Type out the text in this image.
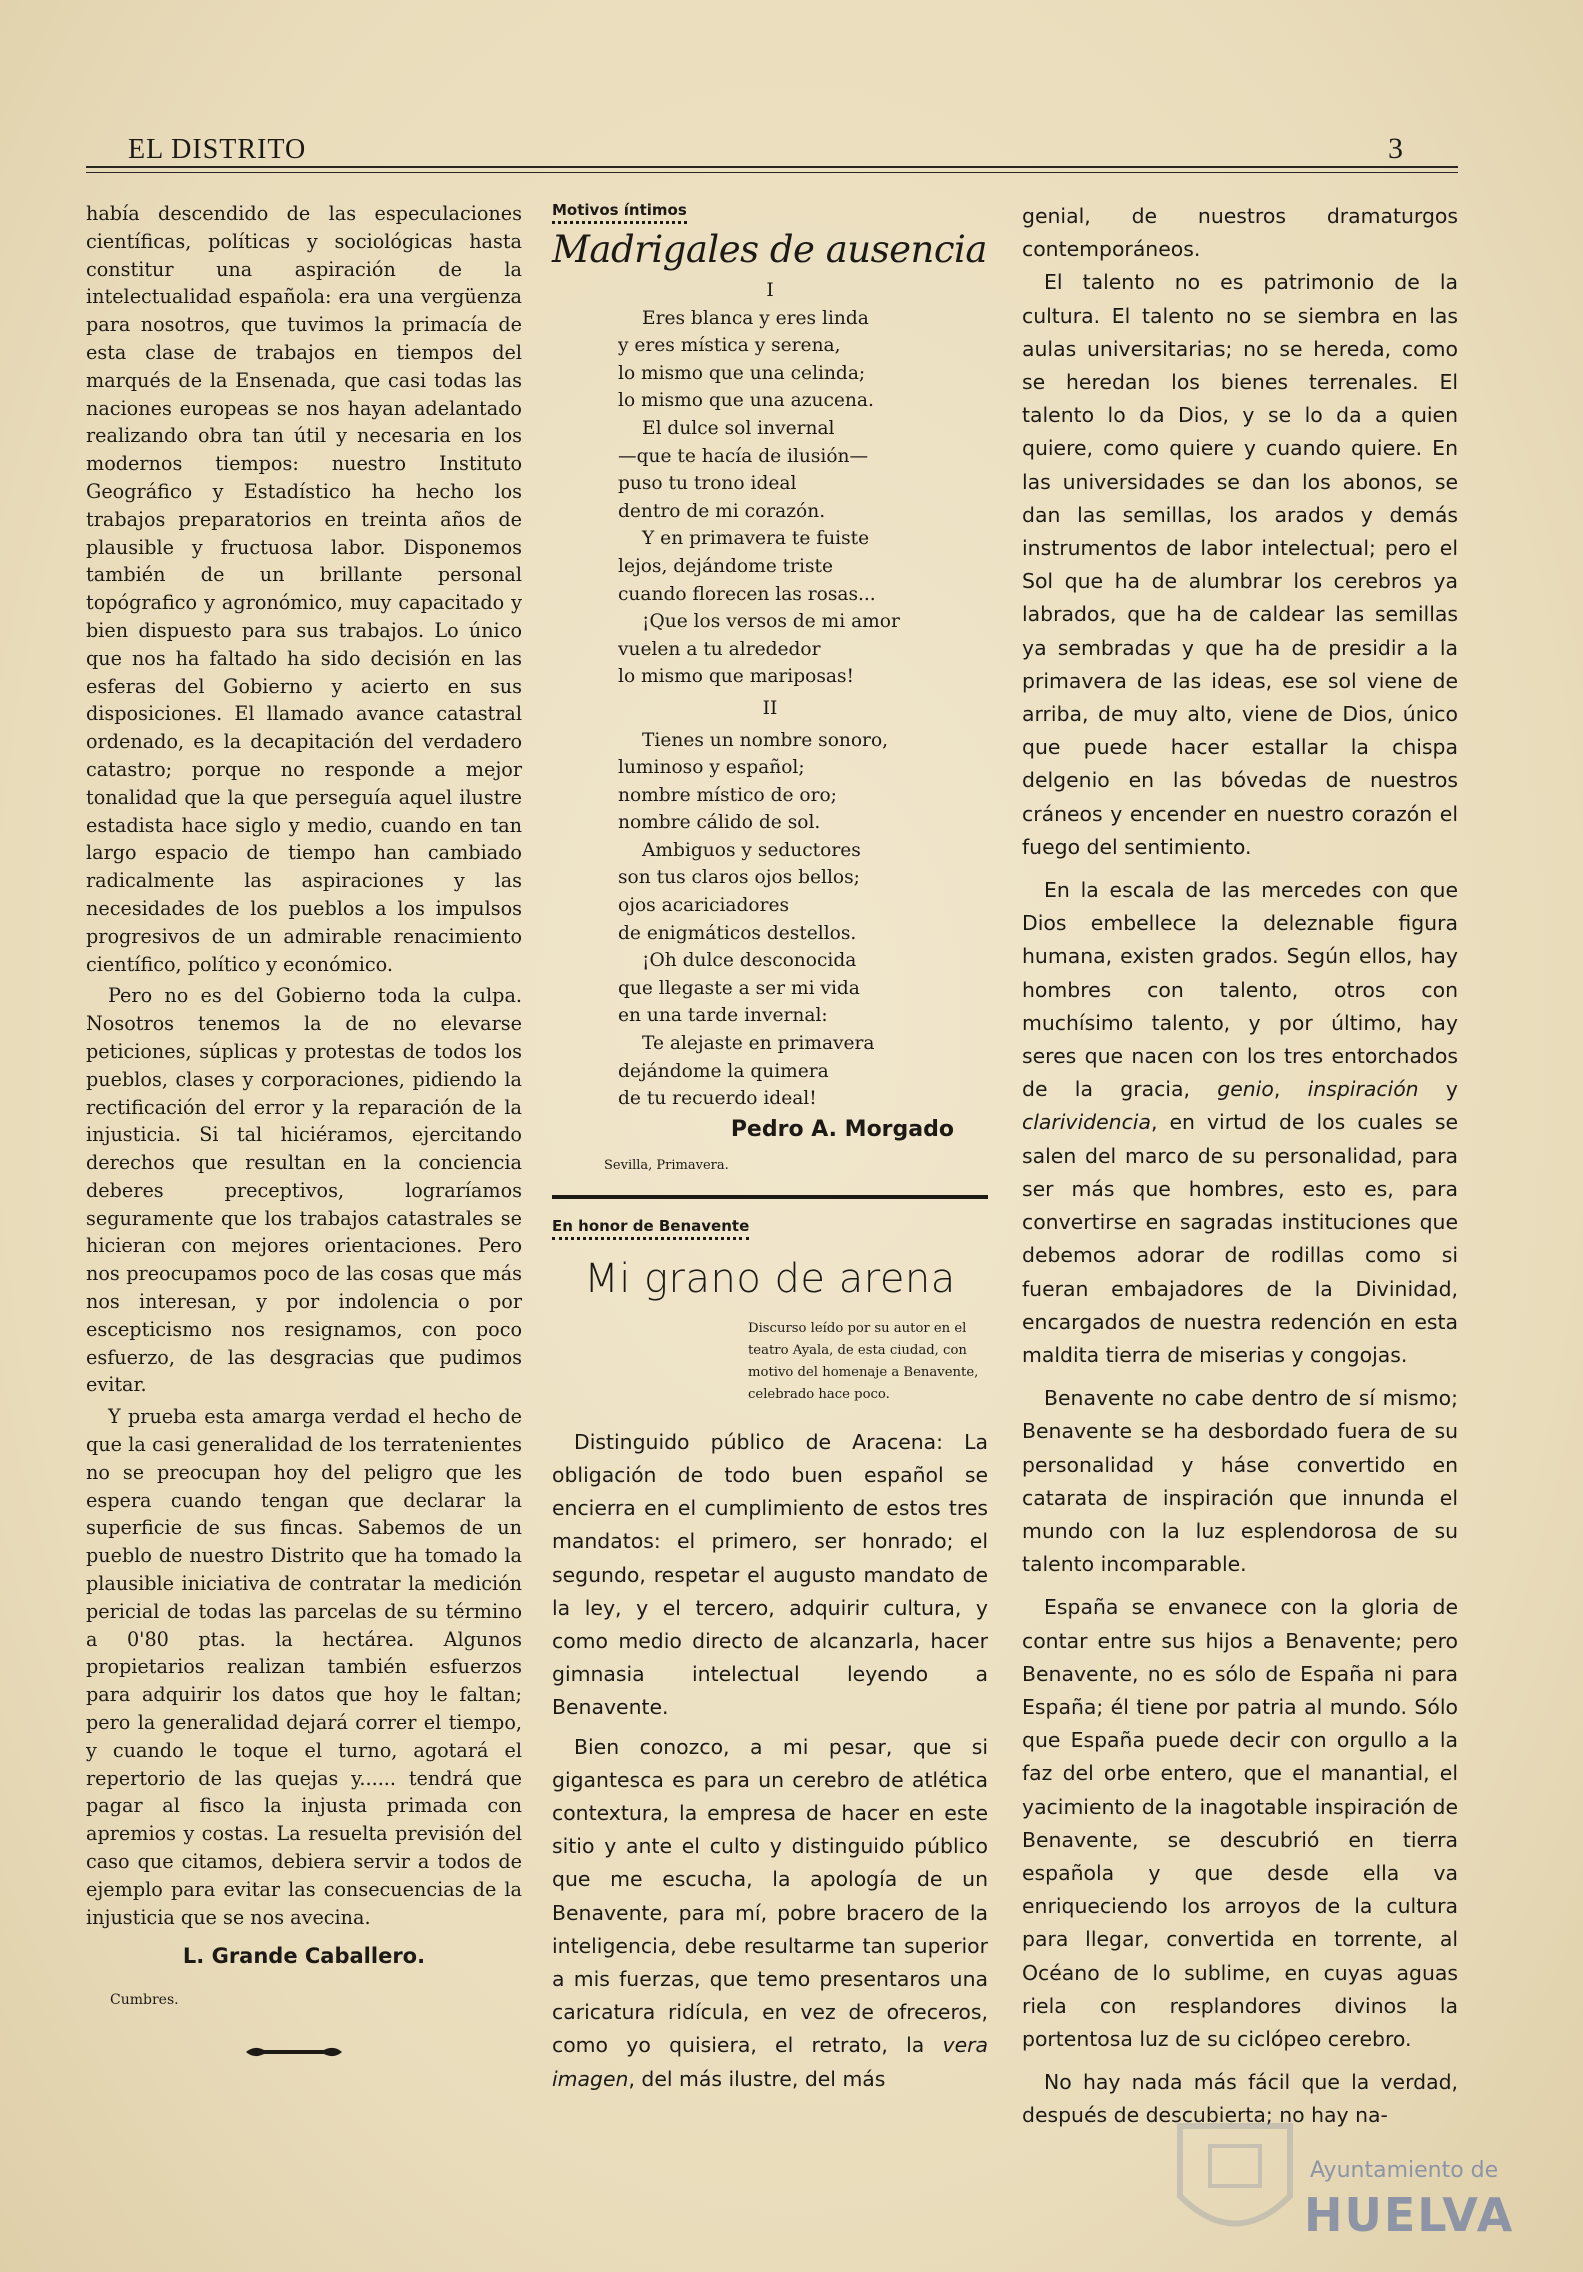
EL DISTRITO	3

había descendido de las especulaciones científicas, políticas y sociológicas hasta constitur una aspiración de la intelectualidad española: era una vergüenza para nosotros, que tuvimos la primacía de esta clase de trabajos en tiempos del marqués de la Ensenada, que casi todas las naciones europeas se nos hayan adelantado realizando obra tan útil y necesaria en los modernos tiempos: nuestro Instituto Geográfico y Estadístico ha hecho los trabajos preparatorios en treinta años de plausible y fructuosa labor. Disponemos también de un brillante personal topógrafico y agronómico, muy capacitado y bien dispuesto para sus trabajos. Lo único que nos ha faltado ha sido decisión en las esferas del Gobierno y acierto en sus disposiciones. El llamado avance catastral ordenado, es la decapitación del verdadero catastro; porque no responde a mejor tonalidad que la que perseguía aquel ilustre estadista hace siglo y medio, cuando en tan largo espacio de tiempo han cambiado radicalmente las aspiraciones y las necesidades de los pueblos a los impulsos progresivos de un admirable renacimiento científico, político y económico.

Pero no es del Gobierno toda la culpa. Nosotros tenemos la de no elevarse peticiones, súplicas y protestas de todos los pueblos, clases y corporaciones, pidiendo la rectificación del error y la reparación de la injusticia. Si tal hiciéramos, ejercitando derechos que resultan en la conciencia deberes preceptivos, lograríamos seguramente que los trabajos catastrales se hicieran con mejores orientaciones. Pero nos preocupamos poco de las cosas que más nos interesan, y por indolencia o por escepticismo nos resignamos, con poco esfuerzo, de las desgracias que pudimos evitar.

Y prueba esta amarga verdad el hecho de que la casi generalidad de los terratenientes no se preocupan hoy del peligro que les espera cuando tengan que declarar la superficie de sus fincas. Sabemos de un pueblo de nuestro Distrito que ha tomado la plausible iniciativa de contratar la medición pericial de todas las parcelas de su término a 0'80 ptas. la hectárea. Algunos propietarios realizan también esfuerzos para adquirir los datos que hoy le faltan; pero la generalidad dejará correr el tiempo, y cuando le toque el turno, agotará el repertorio de las quejas y...... tendrá que pagar al fisco la injusta primada con apremios y costas. La resuelta previsión del caso que citamos, debiera servir a todos de ejemplo para evitar las consecuencias de la injusticia que se nos avecina.

L. Grande Caballero.
Cumbres.
Motivos íntimos
Madrigales de ausencia
I
Eres blanca y eres linda
y eres mística y serena,
lo mismo que una celinda;
lo mismo que una azucena.
El dulce sol invernal
—que te hacía de ilusión—
puso tu trono ideal
dentro de mi corazón.
Y en primavera te fuiste
lejos, dejándome triste
cuando florecen las rosas...
¡Que los versos de mi amor
vuelen a tu alrededor
lo mismo que mariposas!
II
Tienes un nombre sonoro,
luminoso y español;
nombre místico de oro;
nombre cálido de sol.
Ambiguos y seductores
son tus claros ojos bellos;
ojos acariciadores
de enigmáticos destellos.
¡Oh dulce desconocida
que llegaste a ser mi vida
en una tarde invernal:
Te alejaste en primavera
dejándome la quimera
de tu recuerdo ideal!
Pedro A. Morgado
Sevilla, Primavera.
En honor de Benavente
Mi grano de arena
Discurso leído por su autor en el
teatro Ayala, de esta ciudad, con
motivo del homenaje a Benavente,
celebrado hace poco.

Distinguido público de Aracena: La obligación de todo buen español se encierra en el cumplimiento de estos tres mandatos: el primero, ser honrado; el segundo, respetar el augusto mandato de la ley, y el tercero, adquirir cultura, y como medio directo de alcanzarla, hacer gimnasia intelectual leyendo a Benavente.

Bien conozco, a mi pesar, que si gigantesca es para un cerebro de atlética contextura, la empresa de hacer en este sitio y ante el culto y distinguido público que me escucha, la apología de un Benavente, para mí, pobre bracero de la inteligencia, debe resultarme tan superior a mis fuerzas, que temo presentaros una caricatura ridícula, en vez de ofreceros, como yo quisiera, el retrato, la vera imagen, del más ilustre, del más

genial, de nuestros dramaturgos contemporáneos.

El talento no es patrimonio de la cultura. El talento no se siembra en las aulas universitarias; no se hereda, como se heredan los bienes terrenales. El talento lo da Dios, y se lo da a quien quiere, como quiere y cuando quiere. En las universidades se dan los abonos, se dan las semillas, los arados y demás instrumentos de labor intelectual; pero el Sol que ha de alumbrar los cerebros ya labrados, que ha de caldear las semillas ya sembradas y que ha de presidir a la primavera de las ideas, ese sol viene de arriba, de muy alto, viene de Dios, único que puede hacer estallar la chispa delgenio en las bóvedas de nuestros cráneos y encender en nuestro corazón el fuego del sentimiento.

En la escala de las mercedes con que Dios embellece la deleznable figura humana, existen grados. Según ellos, hay hombres con talento, otros con muchísimo talento, y por último, hay seres que nacen con los tres entorchados de la gracia, genio, inspiración y clarividencia, en virtud de los cuales se salen del marco de su personalidad, para ser más que hombres, esto es, para convertirse en sagradas instituciones que debemos adorar de rodillas como si fueran embajadores de la Divinidad, encargados de nuestra redención en esta maldita tierra de miserias y congojas.

Benavente no cabe dentro de sí mismo; Benavente se ha desbordado fuera de su personalidad y háse convertido en catarata de inspiración que innunda el mundo con la luz esplendorosa de su talento incomparable.

España se envanece con la gloria de contar entre sus hijos a Benavente; pero Benavente, no es sólo de España ni para España; él tiene por patria al mundo. Sólo que España puede decir con orgullo a la faz del orbe entero, que el manantial, el yacimiento de la inagotable inspiración de Benavente, se descubrió en tierra española y que desde ella va enriqueciendo los arroyos de la cultura para llegar, convertida en torrente, al Océano de lo sublime, en cuyas aguas riela con resplandores divinos la portentosa luz de su ciclópeo cerebro.

No hay nada más fácil que la verdad, después de descubierta; no hay na-

Ayuntamiento de
HUELVA
